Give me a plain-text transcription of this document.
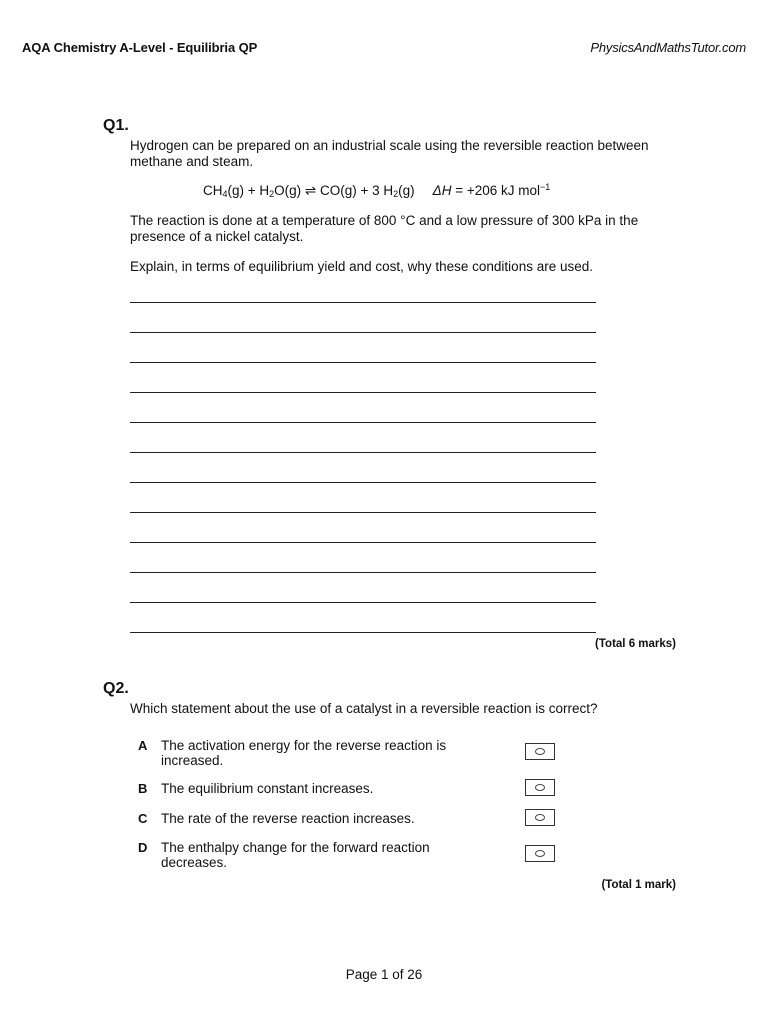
AQA Chemistry A-Level - Equilibria QP	PhysicsAndMathsTutor.com
Q1.
Hydrogen can be prepared on an industrial scale using the reversible reaction between methane and steam.
$CH_4(g) + H_2O(g)$ ⇌ CO(g) + 3 $H_2(g) \Delta H = +206$ kJ mol$^{-1}$
The reaction is done at a temperature of 800 °C and a low pressure of 300 kPa in the presence of a nickel catalyst.
Explain, in terms of equilibrium yield and cost, why these conditions are used.
(Total 6 marks)
Q2.
Which statement about the use of a catalyst in a reversible reaction is correct?
A The activation energy for the reverse reaction is increased.
B The equilibrium constant increases.
C The rate of the reverse reaction increases.
D The enthalpy change for the forward reaction decreases.
(Total 1 mark)
Page 1 of 26
